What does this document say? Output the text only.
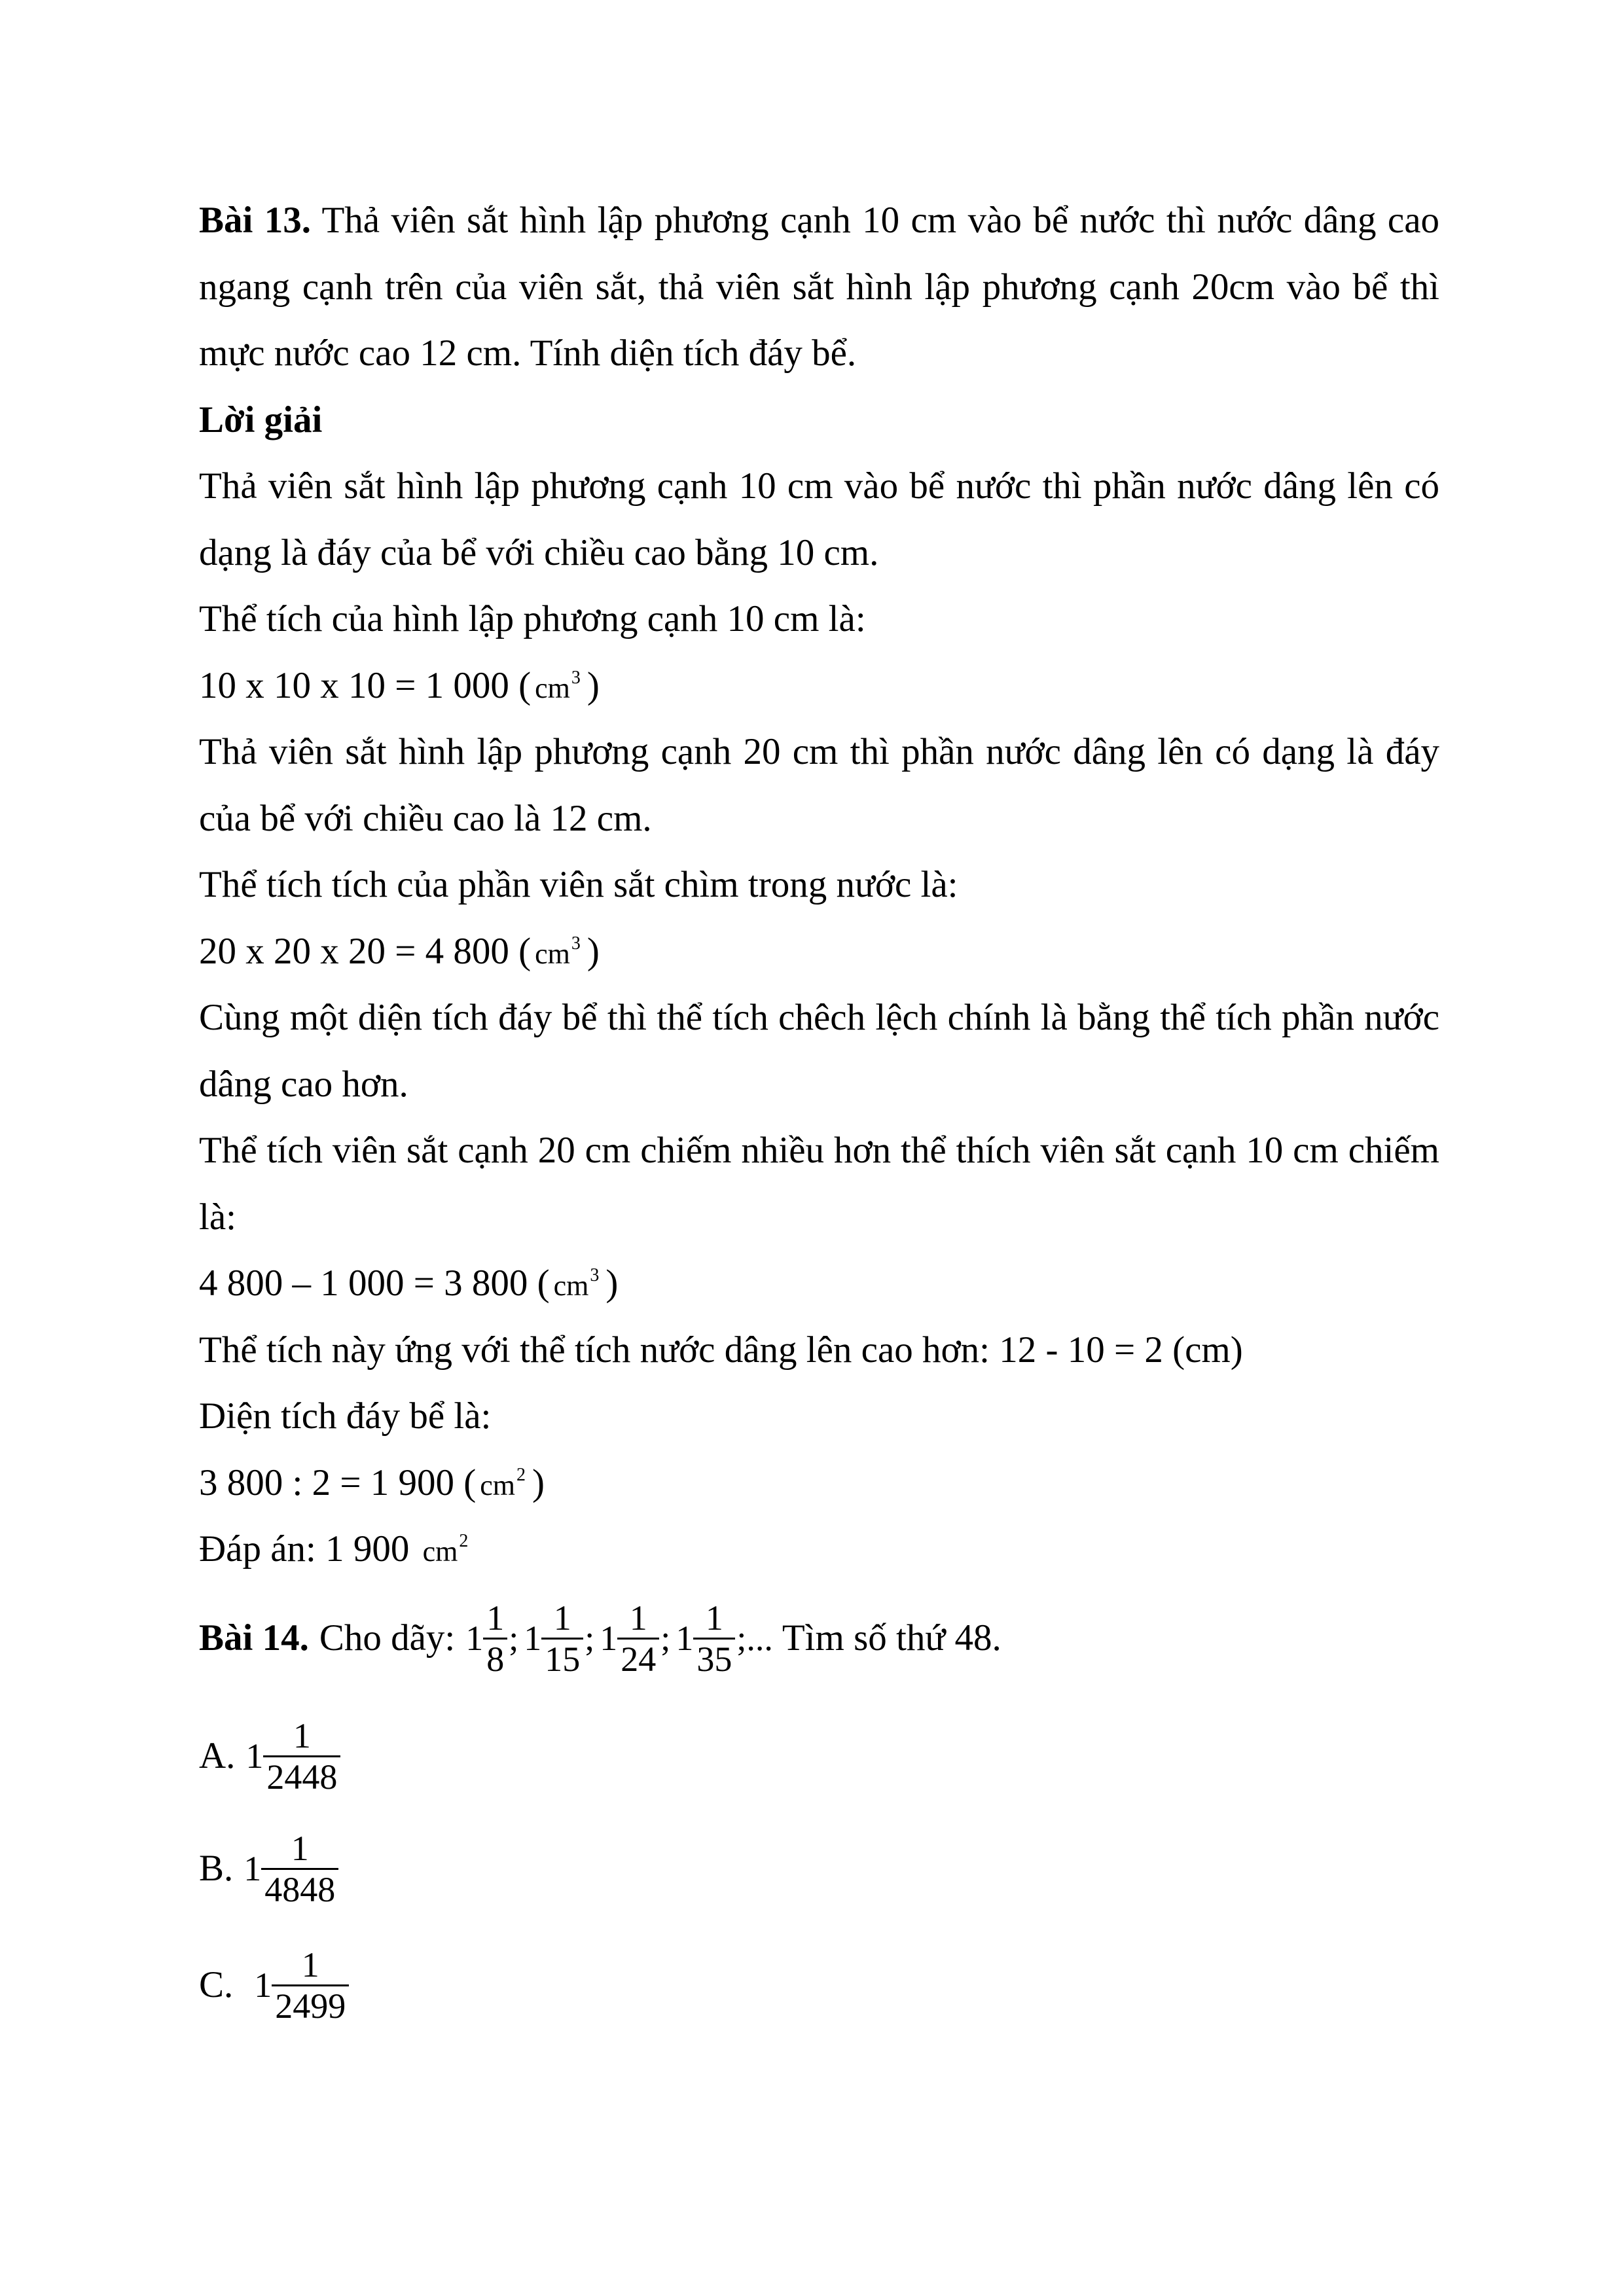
Bài 13. Thả viên sắt hình lập phương cạnh 10 cm vào bể nước thì nước dâng cao
ngang cạnh trên của viên sắt, thả viên sắt hình lập phương cạnh 20cm vào bể thì
mực nước cao 12 cm. Tính diện tích đáy bể.
Lời giải
Thả viên sắt hình lập phương cạnh 10 cm vào bể nước thì phần nước dâng lên có
dạng là đáy của bể với chiều cao bằng 10 cm.
Thể tích của hình lập phương cạnh 10 cm là:
10 x 10 x 10 = 1 000 ( $cm^3$ )
Thả viên sắt hình lập phương cạnh 20 cm thì phần nước dâng lên có dạng là đáy
của bể với chiều cao là 12 cm.
Thể tích tích của phần viên sắt chìm trong nước là:
20 x 20 x 20 = 4 800 ( $cm^3$ )
Cùng một diện tích đáy bể thì thể tích chêch lệch chính là bằng thể tích phần nước
dâng cao hơn.
Thể tích viên sắt cạnh 20 cm chiếm nhiều hơn thể thích viên sắt cạnh 10 cm chiếm
là:
4 800 – 1 000 = 3 800 ( $cm^3$ )
Thể tích này ứng với thể tích nước dâng lên cao hơn: 12 - 10 = 2 (cm)
Diện tích đáy bể là:
3 800 : 2 = 1 900 ( $cm^2$ )
Đáp án: 1 900 $cm^2$
Bài 14. Cho dãy: $1 \frac{1}{8}$ ; $1 \frac{1}{15}$ ; $1 \frac{1}{24}$ ; $1 \frac{1}{35}$ ;... Tìm số thứ 48.
A. $1 \frac{1}{2448}$
B. $1 \frac{1}{4848}$
C. $1 \frac{1}{2499}$
